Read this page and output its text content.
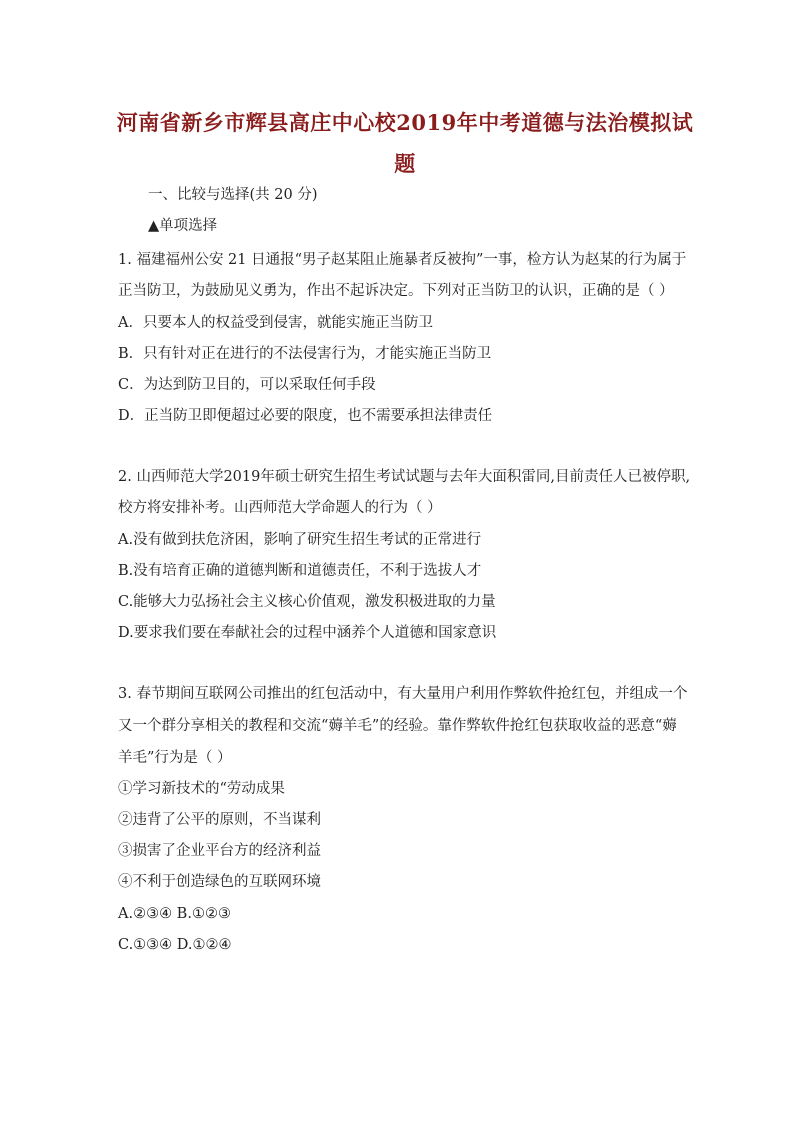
河南省新乡市辉县高庄中心校2019年中考道德与法治模拟试
题
一、比较与选择(共 20 分)
▲单项选择
1. 福建福州公安 21 日通报“男子赵某阻止施暴者反被拘”一事，检方认为赵某的行为属于
正当防卫，为鼓励见义勇为，作出不起诉决定。下列对正当防卫的认识，正确的是（ ）
A．只要本人的权益受到侵害，就能实施正当防卫
B．只有针对正在进行的不法侵害行为，才能实施正当防卫
C．为达到防卫目的，可以采取任何手段
D．正当防卫即便超过必要的限度，也不需要承担法律责任
2. 山西师范大学2019年硕士研究生招生考试试题与去年大面积雷同,目前责任人已被停职,
校方将安排补考。山西师范大学命题人的行为（ ）
A.没有做到扶危济困，影响了研究生招生考试的正常进行
B.没有培育正确的道德判断和道德责任，不利于选拔人才
C.能够大力弘扬社会主义核心价值观，激发积极进取的力量
D.要求我们要在奉献社会的过程中涵养个人道德和国家意识
3. 春节期间互联网公司推出的红包活动中，有大量用户利用作弊软件抢红包，并组成一个
又一个群分享相关的教程和交流“薅羊毛”的经验。靠作弊软件抢红包获取收益的恶意“薅
羊毛”行为是（ ）
①学习新技术的“劳动成果
②违背了公平的原则，不当谋利
③损害了企业平台方的经济利益
④不利于创造绿色的互联网环境
A.②③④ B.①②③
C.①③④ D.①②④
